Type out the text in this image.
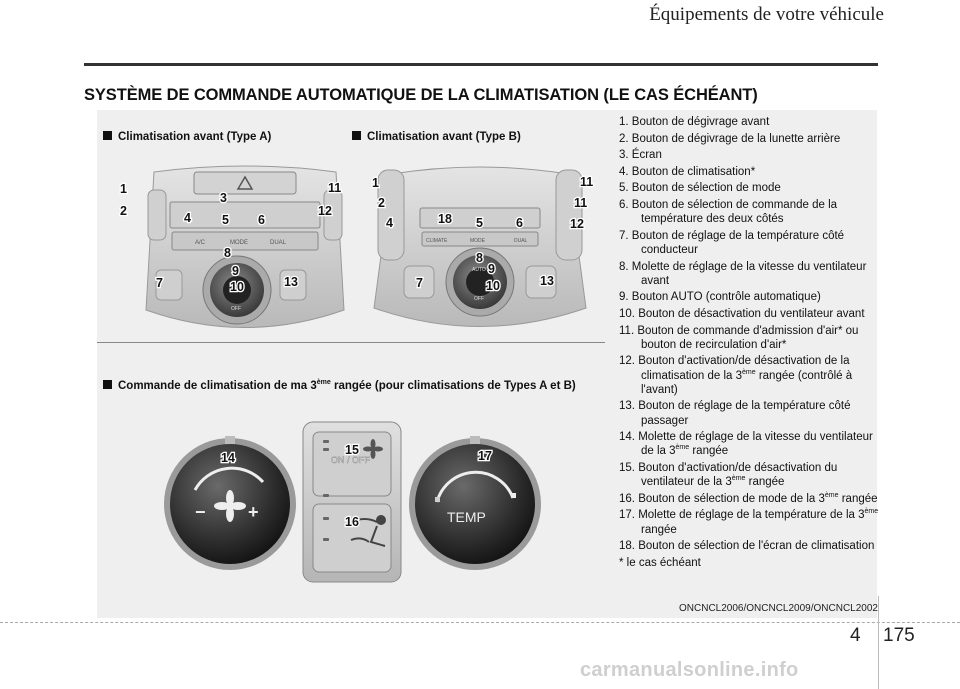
Équipements de votre véhicule
SYSTÈME DE COMMANDE AUTOMATIQUE DE LA CLIMATISATION (LE CAS ÉCHÉANT)
Climatisation avant (Type A)	Climatisation avant (Type B)
A/C	MODE	DUAL
OFF
1
2
3
4 5 6
7
8
9
10
11
12
13
CLIMATE	MODE	DUAL
AUTO
OFF
1
2
4	18 5	6
7
8
9
10
11
11
12
13
Commande de climatisation de ma 3ème rangée (pour climatisations de Types A et B)
− +
14	ON / OFF
15
16	TEMP
17
1. Bouton de dégivrage avant
2. Bouton de dégivrage de la lunette arrière
3. Écran
4. Bouton de climatisation*
5. Bouton de sélection de mode
6. Bouton de sélection de commande de la température des deux côtés
7. Bouton de réglage de la température côté conducteur
8. Molette de réglage de la vitesse du ventilateur avant
9. Bouton AUTO (contrôle automatique)
10. Bouton de désactivation du ventilateur avant
11. Bouton de commande d'admission d'air* ou bouton de recirculation d'air*
12. Bouton d'activation/de désactivation de la climatisation de la 3ème rangée (contrôlé à l'avant)
13. Bouton de réglage de la température côté passager
14. Molette de réglage de la vitesse du ventilateur de la 3ème rangée
15. Bouton d'activation/de désactivation du ventilateur de la 3ème rangée
16. Bouton de sélection de mode de la 3ème rangée
17. Molette de réglage de la température de la 3ème rangée
18. Bouton de sélection de l'écran de climatisation
* le cas échéant
ONCNCL2006/ONCNCL2009/ONCNCL2002
4 175
carmanualsonline.info
